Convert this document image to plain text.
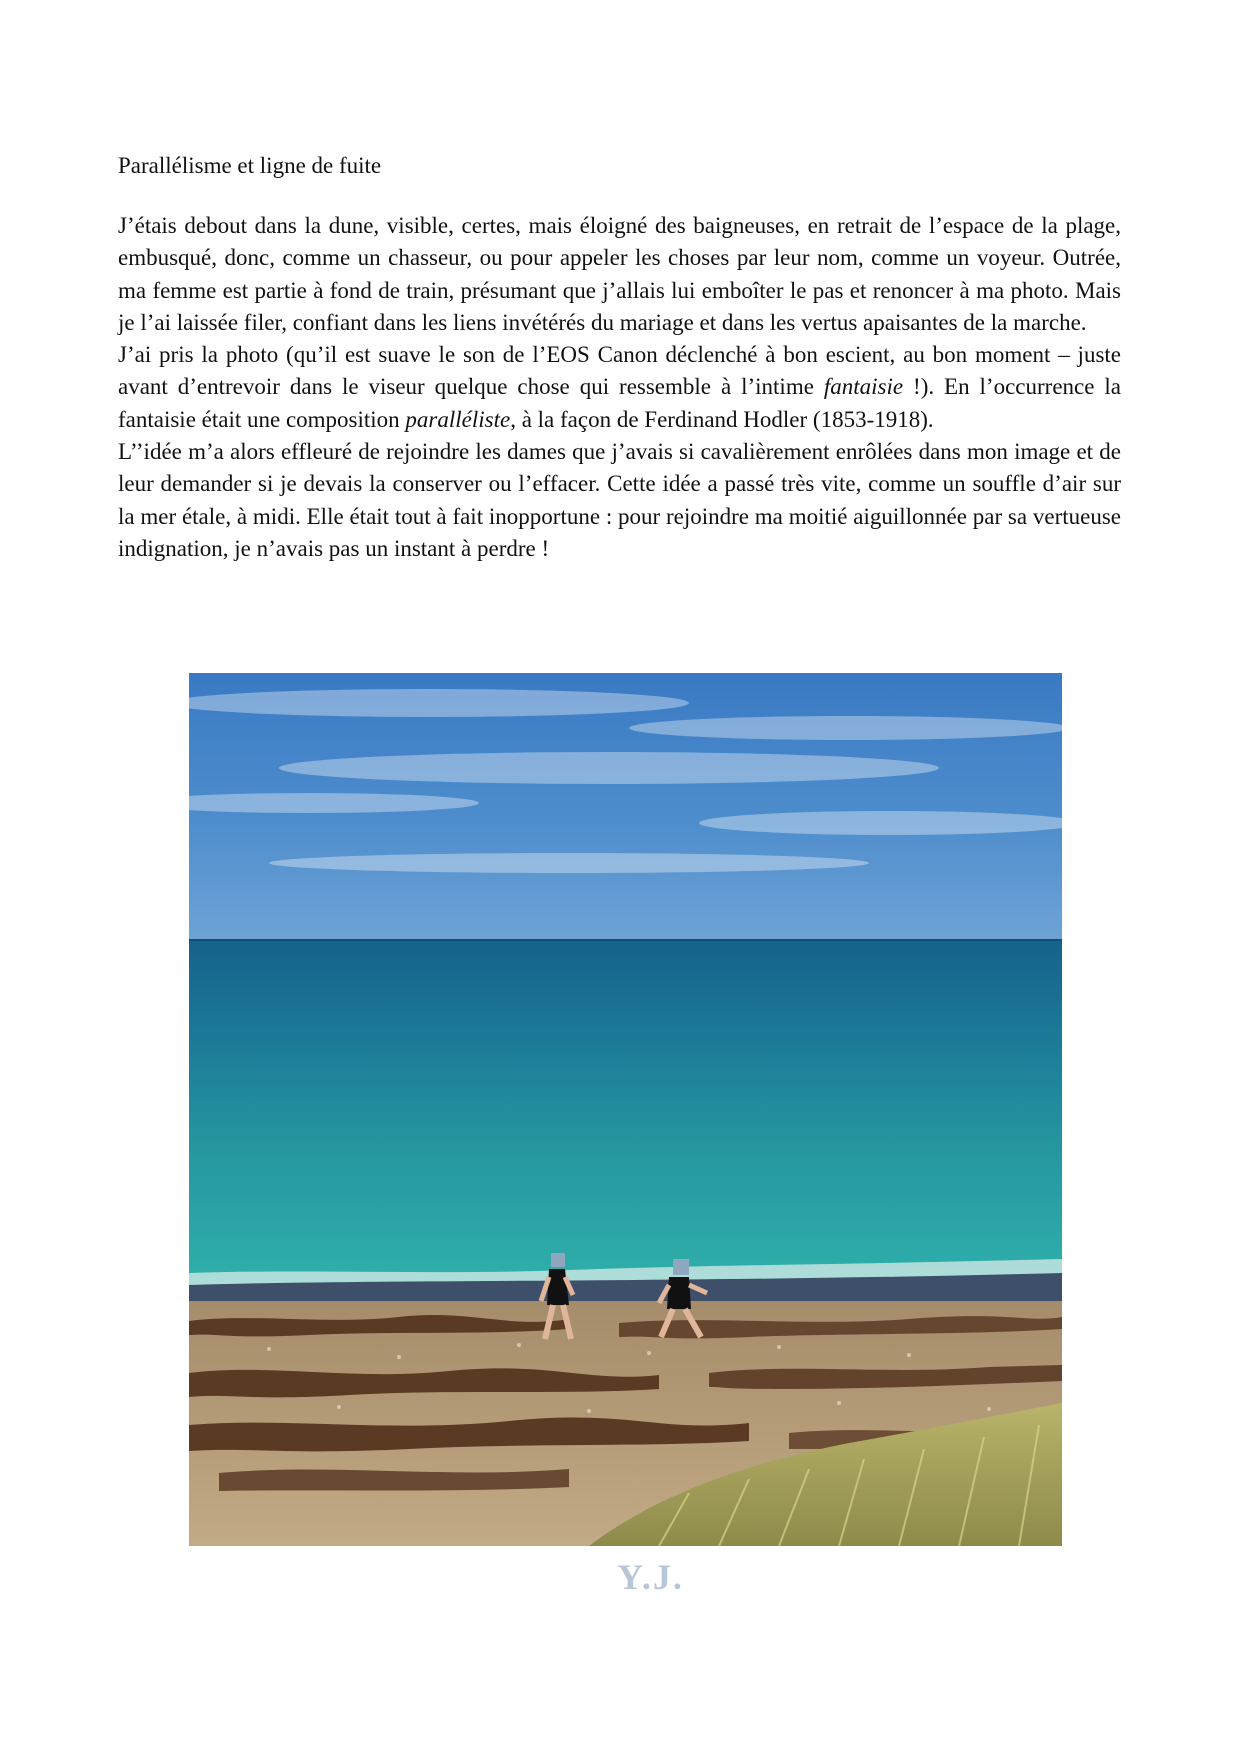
Parallélisme et ligne de fuite

J’étais debout dans la dune, visible, certes, mais éloigné des baigneuses, en retrait de l’espace de la plage, embusqué, donc, comme un chasseur, ou pour appeler les choses par leur nom, comme un voyeur. Outrée, ma femme est partie à fond de train, présumant que j’allais lui emboîter le pas et renoncer à ma photo. Mais je l’ai laissée filer, confiant dans les liens invétérés du mariage et dans les vertus apaisantes de la marche.

J’ai pris la photo (qu’il est suave le son de l’EOS Canon déclenché à bon escient, au bon moment – juste avant d’entrevoir dans le viseur quelque chose qui ressemble à l’intime fantaisie !). En l’occurrence la fantaisie était une composition paralléliste, à la façon de Ferdinand Hodler (1853-1918).

L’’idée m’a alors effleuré de rejoindre les dames que j’avais si cavalièrement enrôlées dans mon image et de leur demander si je devais la conserver ou l’effacer. Cette idée a passé très vite, comme un souffle d’air sur la mer étale, à midi. Elle était tout à fait inopportune : pour rejoindre ma moitié aiguillonnée par sa vertueuse indignation, je n’avais pas un instant à perdre !

Y.J.
